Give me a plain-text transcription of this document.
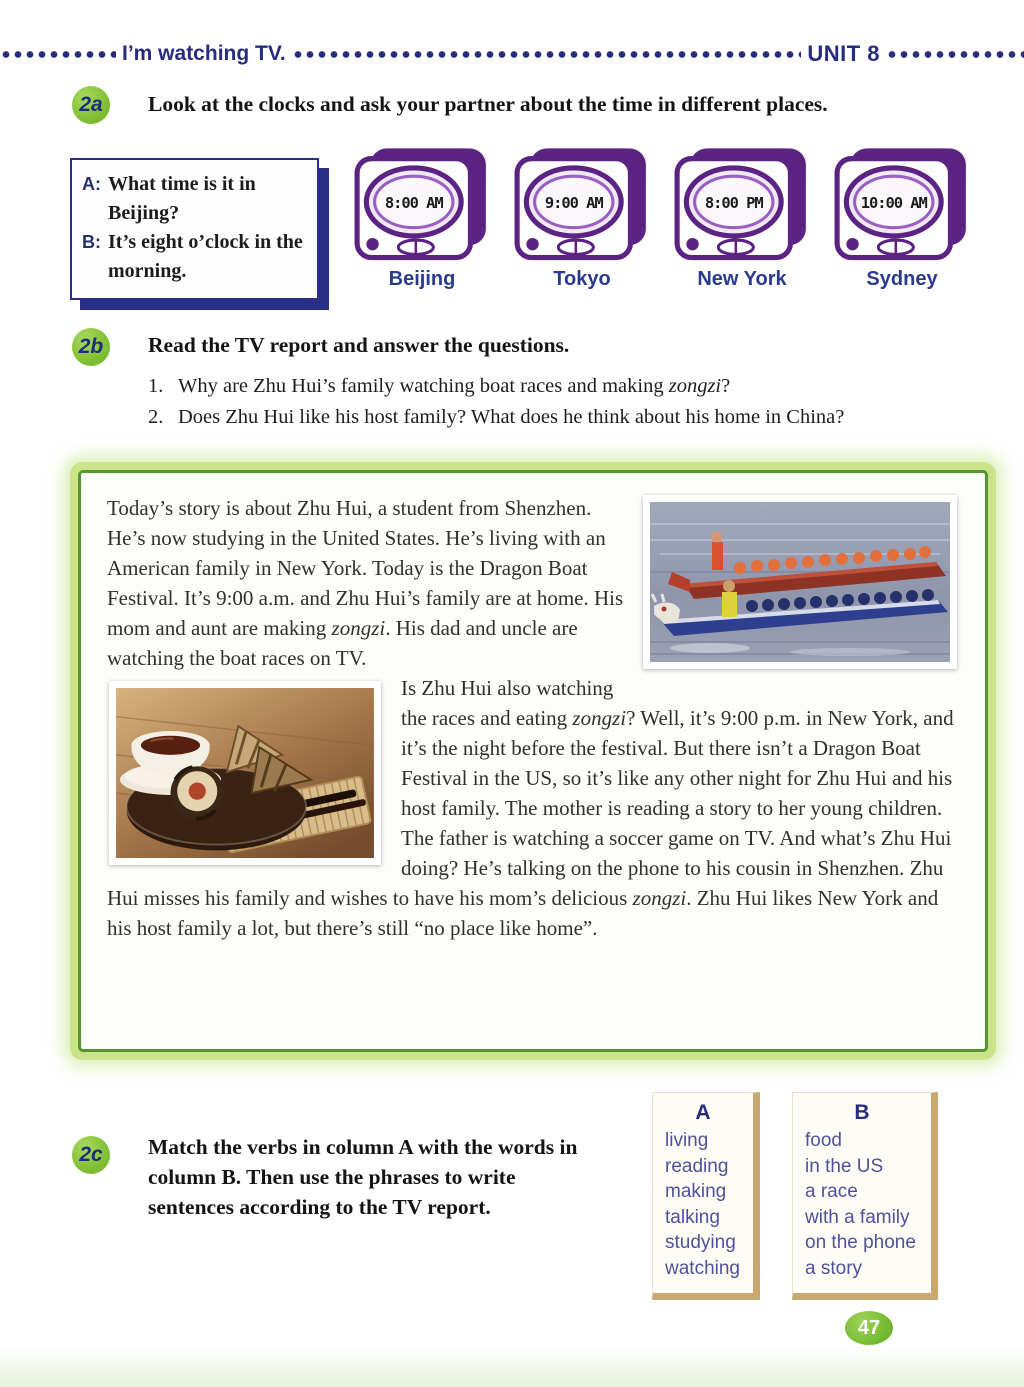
I’m watching TV.	UNIT 8
2a	Look at the clocks and ask your partner about the time in different places.
A: What time is it in Beijing?
B: It’s eight o’clock in the morning.
8:00 AM
Beijing
9:00 AM
Tokyo
8:00 PM
New York
10:00 AM
Sydney
2b	Read the TV report and answer the questions.
1. Why are Zhu Hui’s family watching boat races and making zongzi?
2. Does Zhu Hui like his host family? What does he think about his home in China?

Today’s story is about Zhu Hui, a student from Shenzhen. He’s now studying in the United States. He’s living with an American family in New York. Today is the Dragon Boat Festival. It’s 9:00 a.m. and Zhu Hui’s family are at home. His mom and aunt are making zongzi. His dad and uncle are watching the boat races on TV.

Is Zhu Hui also watching the races and eating zongzi? Well, it’s 9:00 p.m. in New York, and it’s the night before the festival. But there isn’t a Dragon Boat Festival in the US, so it’s like any other night for Zhu Hui and his host family. The mother is reading a story to her young children. The father is watching a soccer game on TV. And what’s Zhu Hui doing? He’s talking on the phone to his cousin in Shenzhen. Zhu Hui misses his family and wishes to have his mom’s delicious zongzi. Zhu Hui likes New York and his host family a lot, but there’s still “no place like home”.

2c	Match the verbs in column A with the words in column B. Then use the phrases to write sentences according to the TV report.
A
living
reading
making
talking
studying
watching
B
food
in the US
a race
with a family
on the phone
a story
47
